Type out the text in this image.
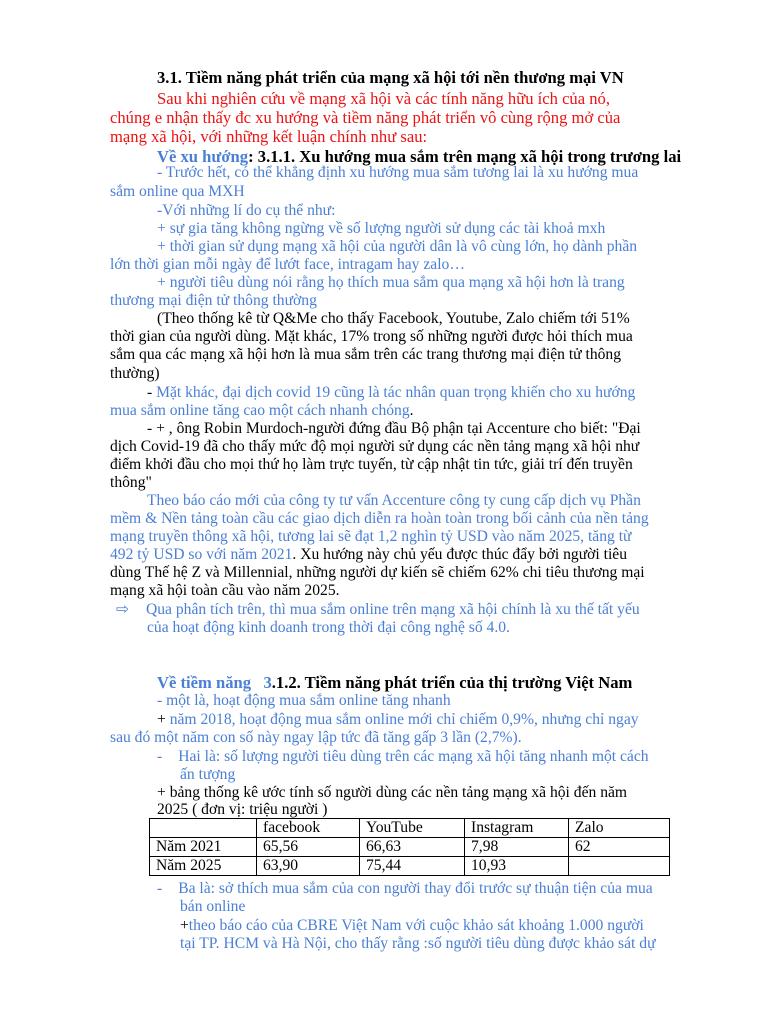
3.1. Tiềm năng phát triển của mạng xã hội tới nền thương mại VN
Sau khi nghiên cứu về mạng xã hội và các tính năng hữu ích của nó,
chúng e nhận thấy đc xu hướng và tiềm năng phát triển vô cùng rộng mở của
mạng xã hội, với những kết luận chính như sau:
Về xu hướng: 3.1.1. Xu hướng mua sắm trên mạng xã hội trong trương lai
- Trước hết, có thể khẳng định xu hướng mua sắm tương lai là xu hướng mua
sắm online qua MXH
-Với những lí do cụ thể như:
+ sự gia tăng không ngừng về số lượng người sử dụng các tài khoả mxh
+ thời gian sử dụng mạng xã hội của người dân là vô cùng lớn, họ dành phần
lớn thời gian mỗi ngày để lướt face, intragam hay zalo…
+ người tiêu dùng nói rằng họ thích mua sắm qua mạng xã hội hơn là trang
thương mại điện tử thông thường
(Theo thống kê từ Q&Me cho thấy Facebook, Youtube, Zalo chiếm tới 51%
thời gian của người dùng. Mặt khác, 17% trong số những người được hỏi thích mua
sắm qua các mạng xã hội hơn là mua sắm trên các trang thương mại điện tử thông
thường)
- Mặt khác, đại dịch covid 19 cũng là tác nhân quan trọng khiến cho xu hướng
mua sắm online tăng cao một cách nhanh chóng.
- + , ông Robin Murdoch-người đứng đầu Bộ phận tại Accenture cho biết: "Đại
dịch Covid-19 đã cho thấy mức độ mọi người sử dụng các nền tảng mạng xã hội như
điểm khởi đầu cho mọi thứ họ làm trực tuyến, từ cập nhật tin tức, giải trí đến truyền
thông"
Theo báo cáo mới của công ty tư vấn Accenture công ty cung cấp dịch vụ Phần
mềm & Nền tảng toàn cầu các giao dịch diễn ra hoàn toàn trong bối cảnh của nền tảng
mạng truyền thông xã hội, tương lai sẽ đạt 1,2 nghìn tỷ USD vào năm 2025, tăng từ
492 tỷ USD so với năm 2021. Xu hướng này chủ yếu được thúc đẩy bởi người tiêu
dùng Thế hệ Z và Millennial, những người dự kiến sẽ chiếm 62% chi tiêu thương mại
mạng xã hội toàn cầu vào năm 2025.
⇨ Qua phân tích trên, thì mua sắm online trên mạng xã hội chính là xu thế tất yếu
của hoạt động kinh doanh trong thời đại công nghệ số 4.0.
Về tiềm năng 3.1.2. Tiềm năng phát triển của thị trường Việt Nam
- một là, hoạt động mua sắm online tăng nhanh
+ năm 2018, hoạt động mua sắm online mới chỉ chiếm 0,9%, nhưng chỉ ngay
sau đó một năm con số này ngay lập tức đã tăng gấp 3 lần (2,7%).
- Hai là: số lượng người tiêu dùng trên các mạng xã hội tăng nhanh một cách
ấn tượng
+ bảng thống kê ước tính số người dùng các nền tảng mạng xã hội đến năm
2025 ( đơn vị: triệu người )
	facebook	YouTube	Instagram	Zalo
Năm 2021	65,56	66,63	7,98	62
Năm 2025	63,90	75,44	10,93	
- Ba là: sở thích mua sắm của con người thay đổi trước sự thuận tiện của mua
bán online
+theo báo cáo của CBRE Việt Nam với cuộc khảo sát khoảng 1.000 người
tại TP. HCM và Hà Nội, cho thấy rằng :số người tiêu dùng được khảo sát dự
